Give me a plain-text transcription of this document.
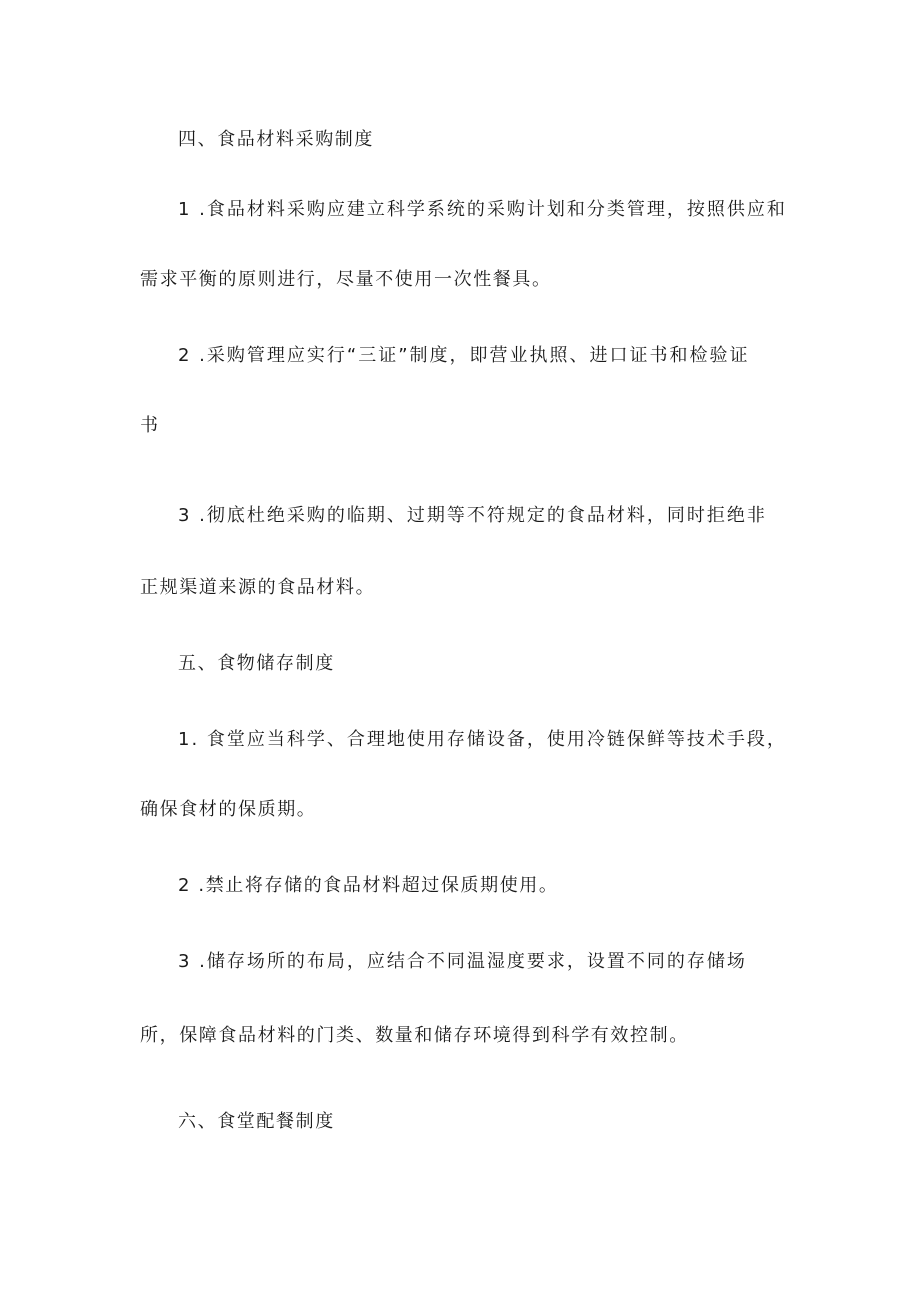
四、食品材料采购制度
1 .食品材料采购应建立科学系统的采购计划和分类管理，按照供应和
需求平衡的原则进行，尽量不使用一次性餐具。
2 .采购管理应实行“三证”制度，即营业执照、进口证书和检验证
书
3 .彻底杜绝采购的临期、过期等不符规定的食品材料，同时拒绝非
正规渠道来源的食品材料。
五、食物储存制度
1. 食堂应当科学、合理地使用存储设备，使用冷链保鲜等技术手段，
确保食材的保质期。
2 .禁止将存储的食品材料超过保质期使用。
3 .储存场所的布局，应结合不同温湿度要求，设置不同的存储场
所，保障食品材料的门类、数量和储存环境得到科学有效控制。
六、食堂配餐制度
